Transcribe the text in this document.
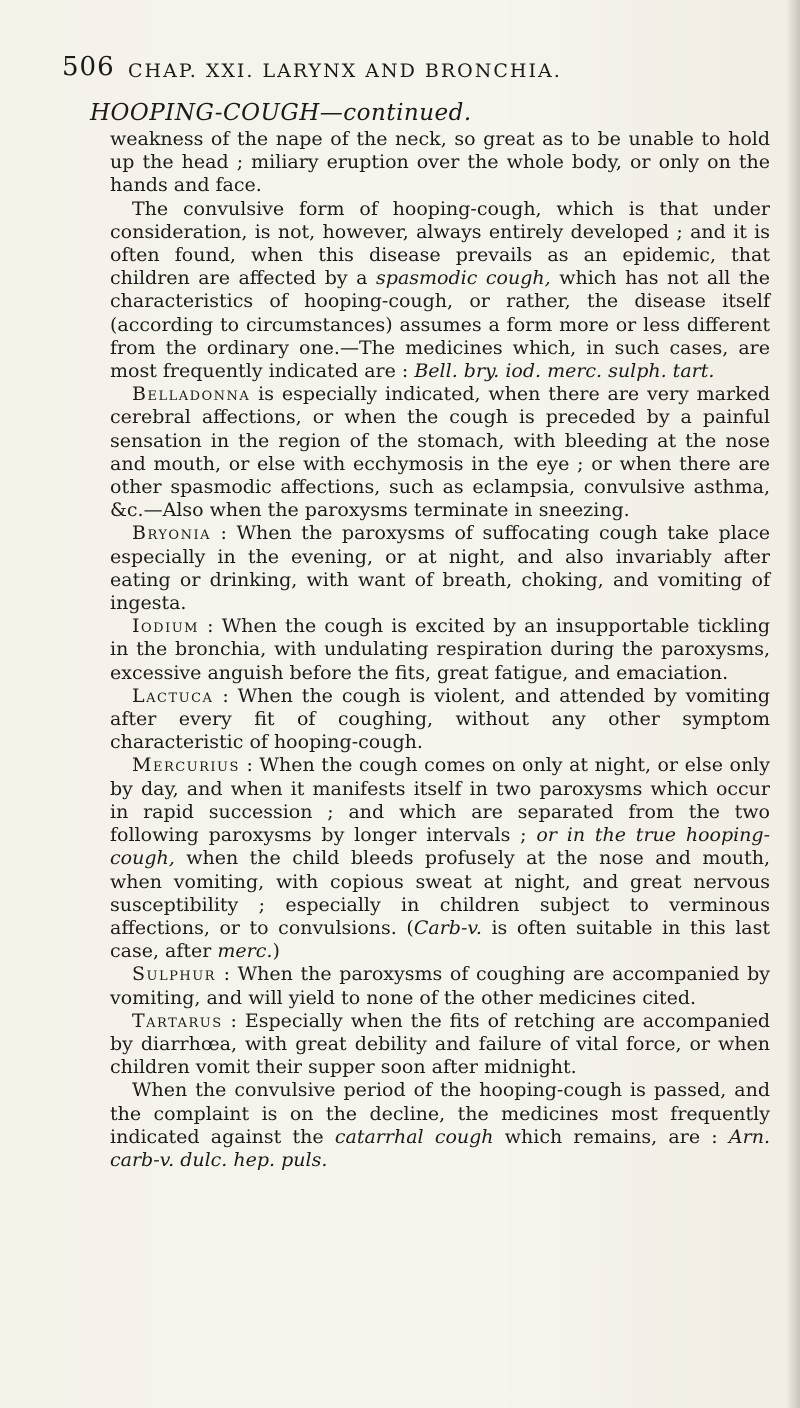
506 CHAP. XXI. LARYNX AND BRONCHIA.
HOOPING-COUGH—continued.

weakness of the nape of the neck, so great as to be unable to hold up the head ; miliary eruption over the whole body, or only on the hands and face.

The convulsive form of hooping-cough, which is that under consideration, is not, however, always entirely developed ; and it is often found, when this disease prevails as an epidemic, that children are affected by a spasmodic cough, which has not all the characteristics of hooping-cough, or rather, the disease itself (according to circumstances) assumes a form more or less different from the ordinary one.—The medicines which, in such cases, are most frequently indicated are : Bell. bry. iod. merc. sulph. tart.

Belladonna is especially indicated, when there are very marked cerebral affections, or when the cough is preceded by a painful sensation in the region of the stomach, with bleeding at the nose and mouth, or else with ecchymosis in the eye ; or when there are other spasmodic affections, such as eclampsia, convulsive asthma, &c.—Also when the paroxysms terminate in sneezing.

Bryonia : When the paroxysms of suffocating cough take place especially in the evening, or at night, and also invariably after eating or drinking, with want of breath, choking, and vomiting of ingesta.

Iodium : When the cough is excited by an insupportable tickling in the bronchia, with undulating respiration during the paroxysms, excessive anguish before the fits, great fatigue, and emaciation.

Lactuca : When the cough is violent, and attended by vomiting after every fit of coughing, without any other symptom characteristic of hooping-cough.

Mercurius : When the cough comes on only at night, or else only by day, and when it manifests itself in two paroxysms which occur in rapid succession ; and which are separated from the two following paroxysms by longer intervals ; or in the true hooping-cough, when the child bleeds profusely at the nose and mouth, when vomiting, with copious sweat at night, and great nervous susceptibility ; especially in children subject to verminous affections, or to convulsions. (Carb-v. is often suitable in this last case, after merc.)

Sulphur : When the paroxysms of coughing are accompanied by vomiting, and will yield to none of the other medicines cited.

Tartarus : Especially when the fits of retching are accompanied by diarrhœa, with great debility and failure of vital force, or when children vomit their supper soon after midnight.

When the convulsive period of the hooping-cough is passed, and the complaint is on the decline, the medicines most frequently indicated against the catarrhal cough which remains, are : Arn. carb-v. dulc. hep. puls.
